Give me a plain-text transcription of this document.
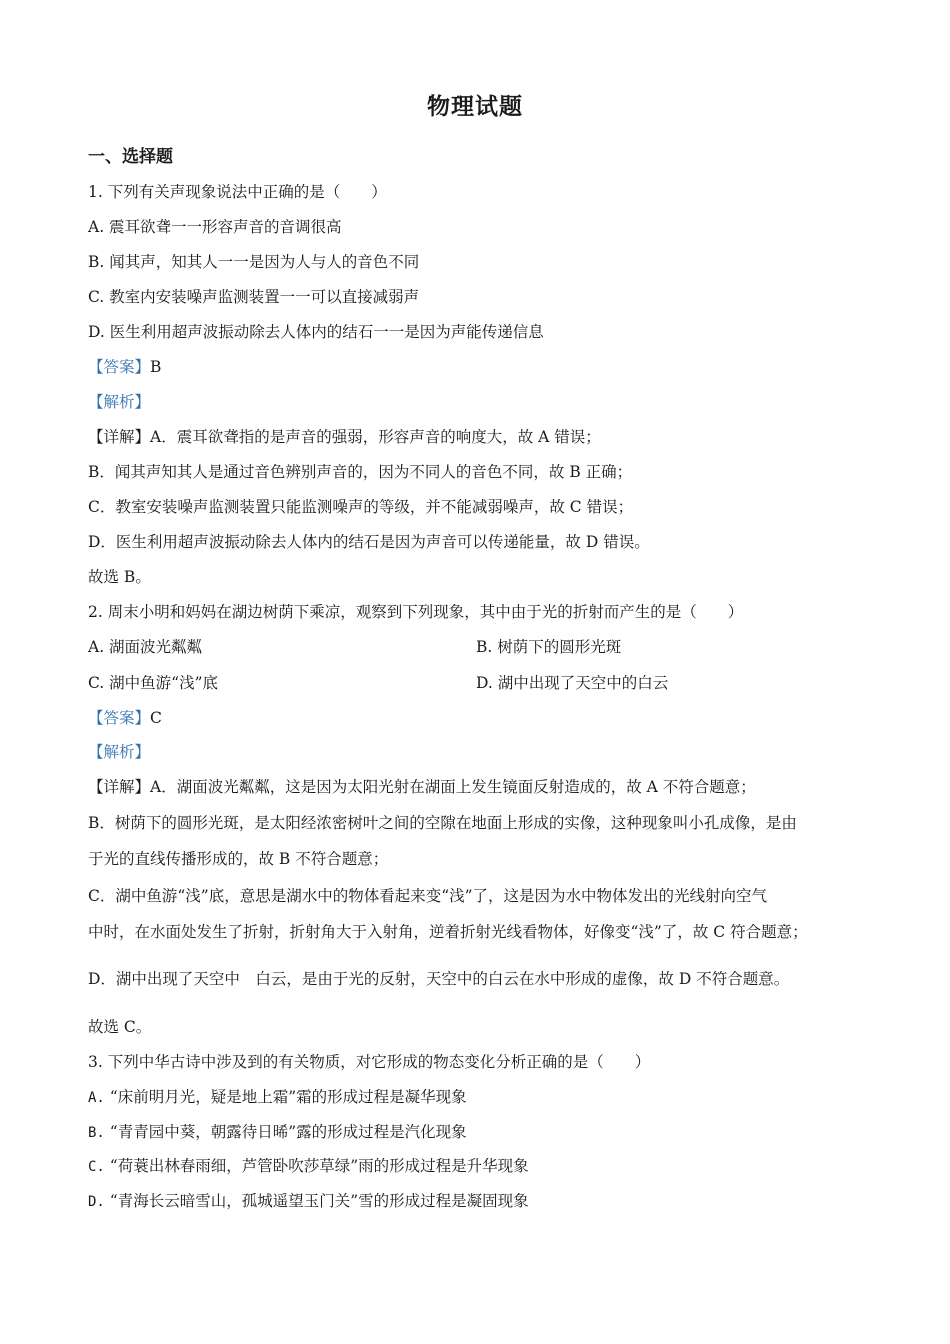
物理试题
一、选择题
1. 下列有关声现象说法中正确的是（　　）
A. 震耳欲聋一一形容声音的音调很高
B. 闻其声，知其人一一是因为人与人的音色不同
C. 教室内安装噪声监测装置一一可以直接减弱声
D. 医生利用超声波振动除去人体内的结石一一是因为声能传递信息
【答案】B
【解析】
【详解】A．震耳欲聋指的是声音的强弱，形容声音的响度大，故 A 错误；
B．闻其声知其人是通过音色辨别声音的，因为不同人的音色不同，故 B 正确；
C．教室安装噪声监测装置只能监测噪声的等级，并不能减弱噪声，故 C 错误；
D．医生利用超声波振动除去人体内的结石是因为声音可以传递能量，故 D 错误。
故选 B。
2. 周末小明和妈妈在湖边树荫下乘凉，观察到下列现象，其中由于光的折射而产生的是（　　）
A. 湖面波光粼粼	B. 树荫下的圆形光斑
C. 湖中鱼游“浅”底	D. 湖中出现了天空中的白云
【答案】C
【解析】
【详解】A．湖面波光粼粼，这是因为太阳光射在湖面上发生镜面反射造成的，故 A 不符合题意；
B．树荫下的圆形光斑，是太阳经浓密树叶之间的空隙在地面上形成的实像，这种现象叫小孔成像，是由
于光的直线传播形成的，故 B 不符合题意；
C．湖中鱼游“浅”底，意思是湖水中的物体看起来变“浅”了，这是因为水中物体发出的光线射向空气
中时，在水面处发生了折射，折射角大于入射角，逆着折射光线看物体，好像变“浅”了，故 C 符合题意；
D．湖中出现了天空中　白云，是由于光的反射，天空中的白云在水中形成的虚像，故 D 不符合题意。
故选 C。
3. 下列中华古诗中涉及到的有关物质，对它形成的物态变化分析正确的是（　　）
A. “床前明月光，疑是地上霜”霜的形成过程是凝华现象
B. “青青园中葵，朝露待日晞”露的形成过程是汽化现象
C. “荷蓑出林春雨细，芦管卧吹莎草绿”雨的形成过程是升华现象
D. “青海长云暗雪山，孤城遥望玉门关”雪的形成过程是凝固现象
